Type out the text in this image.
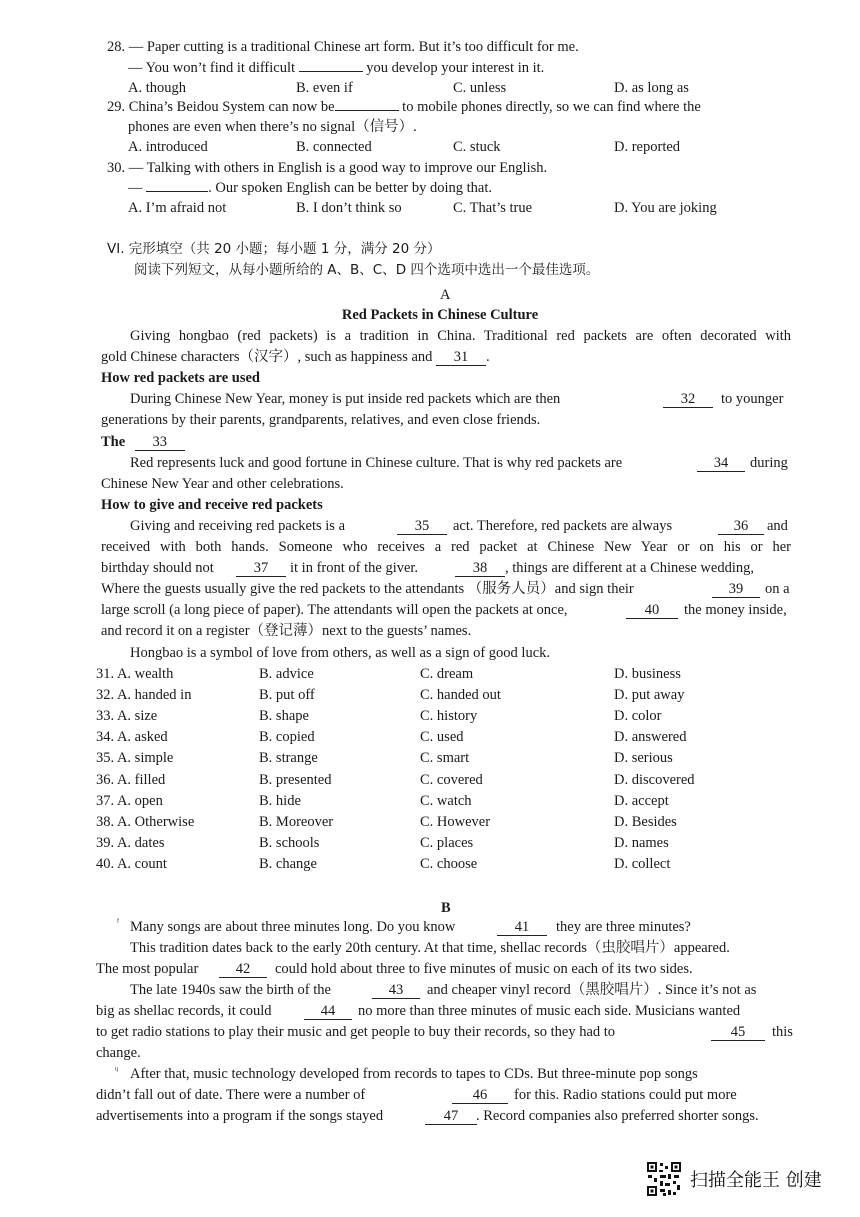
28. — Paper cutting is a traditional Chinese art form. But it’s too difficult for me.
— You won’t find it difficult	you develop your interest in it.
A. though	B. even if	C. unless	D. as long as
29. China’s Beidou System can now be	to mobile phones directly, so we can find where the
phones are even when there’s no signal（信号）.
A. introduced	B. connected	C. stuck	D. reported
30. — Talking with others in English is a good way to improve our English.
—	. Our spoken English can be better by doing that.
A. I’m afraid not	B. I don’t think so	C. That’s true	D. You are joking
VI. 完形填空（共 20 小题；每小题 1 分，满分 20 分）
阅读下列短文，从每小题所给的 A、B、C、D 四个选项中选出一个最佳选项。
A
Red Packets in Chinese Culture
Giving hongbao (red packets) is a tradition in China. Traditional red packets are often decorated with
gold Chinese characters（汉字）, such as happiness and 31 .
How red packets are used
During Chinese New Year, money is put inside red packets which are then	32	to younger
generations by their parents, grandparents, relatives, and even close friends.
The 33
Red represents luck and good fortune in Chinese culture. That is why red packets are	34	during
Chinese New Year and other celebrations.
How to give and receive red packets
Giving and receiving red packets is a	35	act. Therefore, red packets are always	36	and
received with both hands. Someone who receives a red packet at Chinese New Year or on his or her
birthday should not	37	it in front of the giver.	38	, things are different at a Chinese wedding,
Where the guests usually give the red packets to the attendants （服务人员）and sign their	39	on a
large scroll (a long piece of paper). The attendants will open the packets at once,	40	the money inside,
and record it on a register（登记薄）next to the guests’ names.
Hongbao is a symbol of love from others, as well as a sign of good luck.
31. A. wealth	B. advice	C. dream	D. business
32. A. handed in	B. put off	C. handed out	D. put away
33. A. size	B. shape	C. history	D. color
34. A. asked	B. copied	C. used	D. answered
35. A. simple	B. strange	C. smart	D. serious
36. A. filled	B. presented	C. covered	D. discovered
37. A. open	B. hide	C. watch	D. accept
38. A. Otherwise	B. Moreover	C. However	D. Besides
39. A. dates	B. schools	C. places	D. names
40. A. count	B. change	C. choose	D. collect
B
ᶠ Many songs are about three minutes long. Do you know	41	they are three minutes?
This tradition dates back to the early 20th century. At that time, shellac records（虫胶唱片）appeared.
The most popular	42	could hold about three to five minutes of music on each of its two sides.
The late 1940s saw the birth of the	43	and cheaper vinyl record（黑胶唱片）. Since it’s not as
big as shellac records, it could	44	no more than three minutes of music each side. Musicians wanted
to get radio stations to play their music and get people to buy their records, so they had to	45	this
change.
ᶣ After that, music technology developed from records to tapes to CDs. But three-minute pop songs
didn’t fall out of date. There were a number of	46	for this. Radio stations could put more
advertisements into a program if the songs stayed	47	. Record companies also preferred shorter songs.
扫描全能王 创建
